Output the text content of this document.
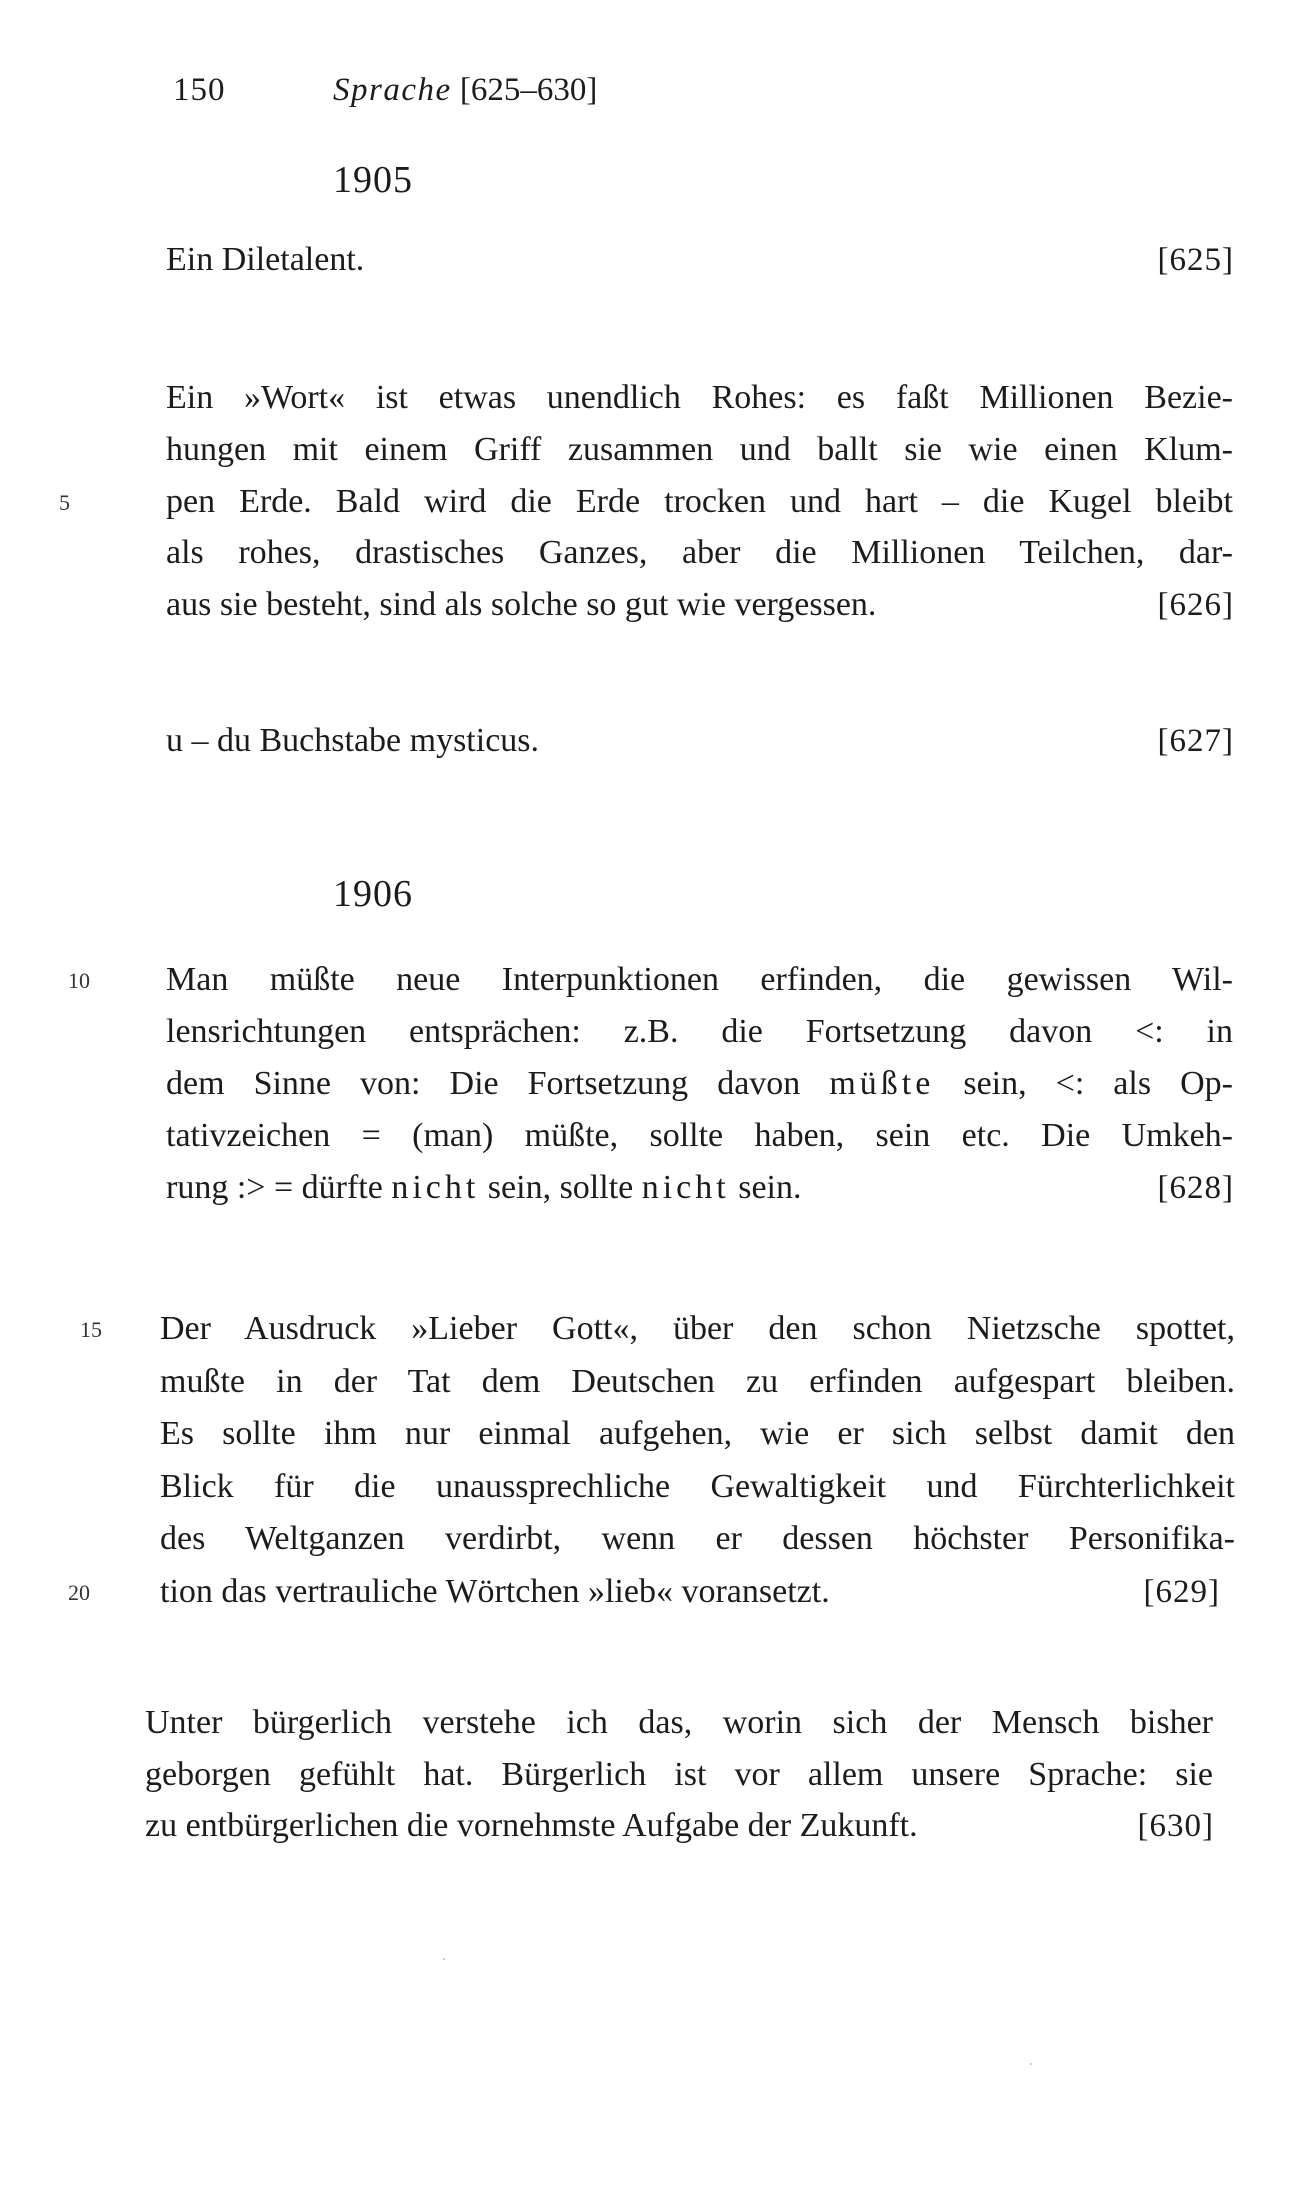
150	Sprache [625–630]
1905
Ein Diletalent.	[625]
Ein »Wort« ist etwas unendlich Rohes: es faßt Millionen Bezie-
hungen mit einem Griff zusammen und ballt sie wie einen Klum-
5	pen Erde. Bald wird die Erde trocken und hart – die Kugel bleibt
als rohes, drastisches Ganzes, aber die Millionen Teilchen, dar-
aus sie besteht, sind als solche so gut wie vergessen.	[626]
u – du Buchstabe mysticus.	[627]
1906
10 Man müßte neue Interpunktionen erfinden, die gewissen Wil-
lensrichtungen entsprächen: z.B. die Fortsetzung davon <: in
dem Sinne von: Die Fortsetzung davon müßte sein, <: als Op-
tativzeichen = (man) müßte, sollte haben, sein etc. Die Umkeh-
rung :> = dürfte nicht sein, sollte nicht sein.	[628]
15 Der Ausdruck »Lieber Gott«, über den schon Nietzsche spottet,
mußte in der Tat dem Deutschen zu erfinden aufgespart bleiben.
Es sollte ihm nur einmal aufgehen, wie er sich selbst damit den
Blick für die unaussprechliche Gewaltigkeit und Fürchterlichkeit
des Weltganzen verdirbt, wenn er dessen höchster Personifika-
20 tion das vertrauliche Wörtchen »lieb« voransetzt.	[629]
Unter bürgerlich verstehe ich das, worin sich der Mensch bisher
geborgen gefühlt hat. Bürgerlich ist vor allem unsere Sprache: sie
zu entbürgerlichen die vornehmste Aufgabe der Zukunft.	[630]
